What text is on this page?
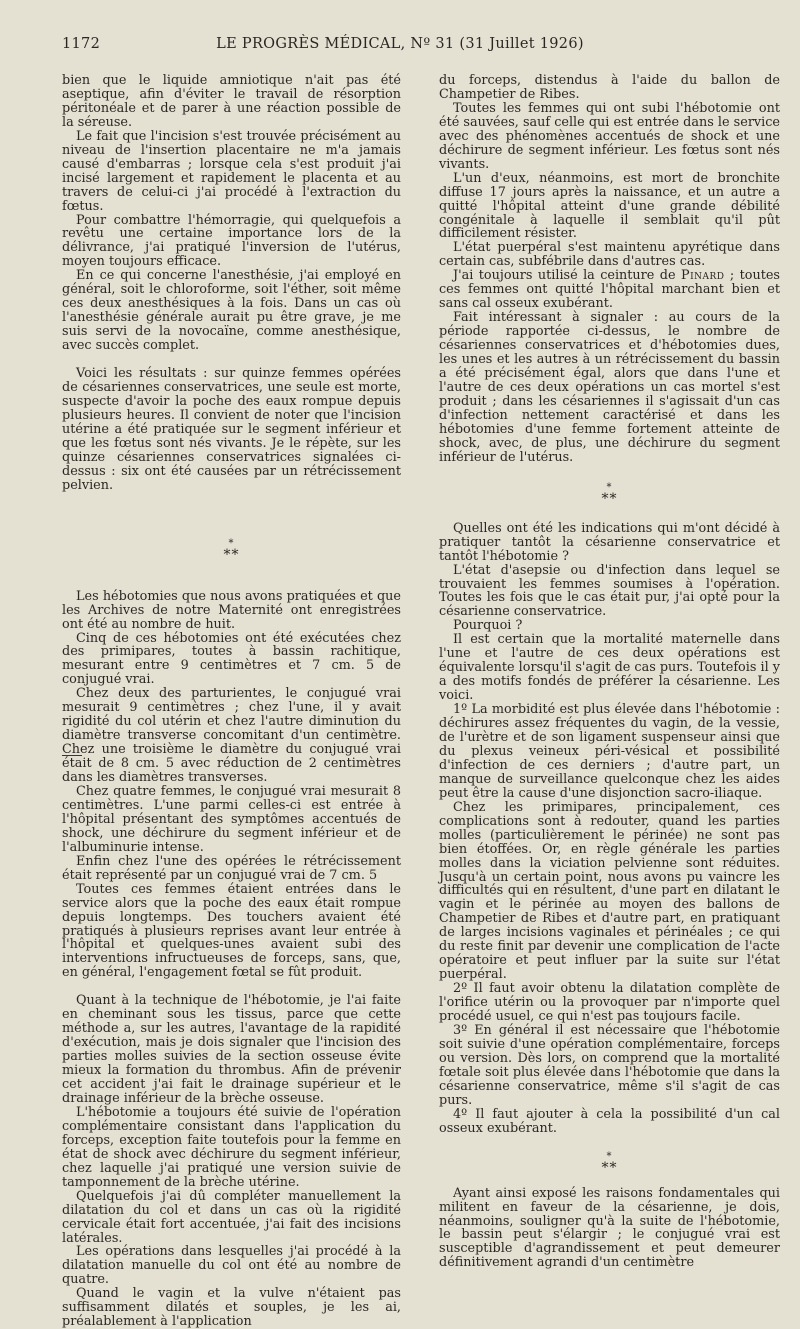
1172	LE PROGRÈS MÉDICAL, Nº 31 (31 Juillet 1926)

bien que le liquide amniotique n'ait pas été aseptique, afin d'éviter le travail de résorption péritonéale et de parer à une réaction possible de la séreuse.

Le fait que l'incision s'est trouvée précisément au niveau de l'insertion placentaire ne m'a jamais causé d'embarras ; lorsque cela s'est produit j'ai incisé largement et rapidement le placenta et au travers de celui-ci j'ai procédé à l'extraction du fœtus.

Pour combattre l'hémorragie, qui quelquefois a revêtu une certaine importance lors de la délivrance, j'ai pratiqué l'inversion de l'utérus, moyen toujours efficace.

En ce qui concerne l'anesthésie, j'ai employé en général, soit le chloroforme, soit l'éther, soit même ces deux anesthésiques à la fois. Dans un cas où l'anesthésie générale aurait pu être grave, je me suis servi de la novocaïne, comme anesthésique, avec succès complet.

Voici les résultats : sur quinze femmes opérées de césariennes conservatrices, une seule est morte, suspecte d'avoir la poche des eaux rompue depuis plusieurs heures. Il convient de noter que l'incision utérine a été pratiquée sur le segment inférieur et que les fœtus sont nés vivants. Je le répète, sur les quinze césariennes conservatrices signalées ci-dessus : six ont été causées par un rétrécissement pelvien.

*
**

Les hébotomies que nous avons pratiquées et que les Archives de notre Maternité ont enregistrées ont été au nombre de huit.

Cinq de ces hébotomies ont été exécutées chez des primipares, toutes à bassin rachitique, mesurant entre 9 centimètres et 7 cm. 5 de conjugué vrai.

Chez deux des parturientes, le conjugué vrai mesurait 9 centimètres ; chez l'une, il y avait rigidité du col utérin et chez l'autre diminution du diamètre transverse concomitant d'un centimètre. Chez une troisième le diamètre du conjugué vrai était de 8 cm. 5 avec réduction de 2 centimètres dans les diamètres transverses.

Chez quatre femmes, le conjugué vrai mesurait 8 centimètres. L'une parmi celles-ci est entrée à l'hôpital présentant des symptômes accentués de shock, une déchirure du segment inférieur et de l'albuminurie intense.

Enfin chez l'une des opérées le rétrécissement était représenté par un conjugué vrai de 7 cm. 5

Toutes ces femmes étaient entrées dans le service alors que la poche des eaux était rompue depuis longtemps. Des touchers avaient été pratiqués à plusieurs reprises avant leur entrée à l'hôpital et quelques-unes avaient subi des interventions infructueuses de forceps, sans, que, en général, l'engagement fœtal se fût produit.

Quant à la technique de l'hébotomie, je l'ai faite en cheminant sous les tissus, parce que cette méthode a, sur les autres, l'avantage de la rapidité d'exécution, mais je dois signaler que l'incision des parties molles suivies de la section osseuse évite mieux la formation du thrombus. Afin de prévenir cet accident j'ai fait le drainage supérieur et le drainage inférieur de la brèche osseuse.

L'hébotomie a toujours été suivie de l'opération complémentaire consistant dans l'application du forceps, exception faite toutefois pour la femme en état de shock avec déchirure du segment inférieur, chez laquelle j'ai pratiqué une version suivie de tamponnement de la brèche utérine.

Quelquefois j'ai dû compléter manuellement la dilatation du col et dans un cas où la rigidité cervicale était fort accentuée, j'ai fait des incisions latérales.

Les opérations dans lesquelles j'ai procédé à la dilatation manuelle du col ont été au nombre de quatre.

Quand le vagin et la vulve n'étaient pas suffisamment dilatés et souples, je les ai, préalablement à l'application

du forceps, distendus à l'aide du ballon de Champetier de Ribes.

Toutes les femmes qui ont subi l'hébotomie ont été sauvées, sauf celle qui est entrée dans le service avec des phénomènes accentués de shock et une déchirure de segment inférieur. Les fœtus sont nés vivants.

L'un d'eux, néanmoins, est mort de bronchite diffuse 17 jours après la naissance, et un autre a quitté l'hôpital atteint d'une grande débilité congénitale à laquelle il semblait qu'il pût difficilement résister.

L'état puerpéral s'est maintenu apyrétique dans certain cas, subfébrile dans d'autres cas.

J'ai toujours utilisé la ceinture de Pinard ; toutes ces femmes ont quitté l'hôpital marchant bien et sans cal osseux exubérant.

Fait intéressant à signaler : au cours de la période rapportée ci-dessus, le nombre de césariennes conservatrices et d'hébotomies dues, les unes et les autres à un rétrécissement du bassin a été précisément égal, alors que dans l'une et l'autre de ces deux opérations un cas mortel s'est produit ; dans les césariennes il s'agissait d'un cas d'infection nettement caractérisé et dans les hébotomies d'une femme fortement atteinte de shock, avec, de plus, une déchirure du segment inférieur de l'utérus.

*
**

Quelles ont été les indications qui m'ont décidé à pratiquer tantôt la césarienne conservatrice et tantôt l'hébotomie ?

L'état d'asepsie ou d'infection dans lequel se trouvaient les femmes soumises à l'opération. Toutes les fois que le cas était pur, j'ai opté pour la césarienne conservatrice.

Pourquoi ?

Il est certain que la mortalité maternelle dans l'une et l'autre de ces deux opérations est équivalente lorsqu'il s'agit de cas purs. Toutefois il y a des motifs fondés de préférer la césarienne. Les voici.

1º La morbidité est plus élevée dans l'hébotomie : déchirures assez fréquentes du vagin, de la vessie, de l'urètre et de son ligament suspenseur ainsi que du plexus veineux péri-vésical et possibilité d'infection de ces derniers ; d'autre part, un manque de surveillance quelconque chez les aides peut être la cause d'une disjonction sacro-iliaque.

Chez les primipares, principalement, ces complications sont à redouter, quand les parties molles (particulièrement le périnée) ne sont pas bien étoffées. Or, en règle générale les parties molles dans la viciation pelvienne sont réduites. Jusqu'à un certain point, nous avons pu vaincre les difficultés qui en résultent, d'une part en dilatant le vagin et le périnée au moyen des ballons de Champetier de Ribes et d'autre part, en pratiquant de larges incisions vaginales et périnéales ; ce qui du reste finit par devenir une complication de l'acte opératoire et peut influer par la suite sur l'état puerpéral.

2º Il faut avoir obtenu la dilatation complète de l'orifice utérin ou la provoquer par n'importe quel procédé usuel, ce qui n'est pas toujours facile.

3º En général il est nécessaire que l'hébotomie soit suivie d'une opération complémentaire, forceps ou version. Dès lors, on comprend que la mortalité fœtale soit plus élevée dans l'hébotomie que dans la césarienne conservatrice, même s'il s'agit de cas purs.

4º Il faut ajouter à cela la possibilité d'un cal osseux exubérant.

*
**

Ayant ainsi exposé les raisons fondamentales qui militent en faveur de la césarienne, je dois, néanmoins, souligner qu'à la suite de l'hébotomie, le bassin peut s'élargir ; le conjugué vrai est susceptible d'agrandissement et peut demeurer définitivement agrandi d'un centimètre
